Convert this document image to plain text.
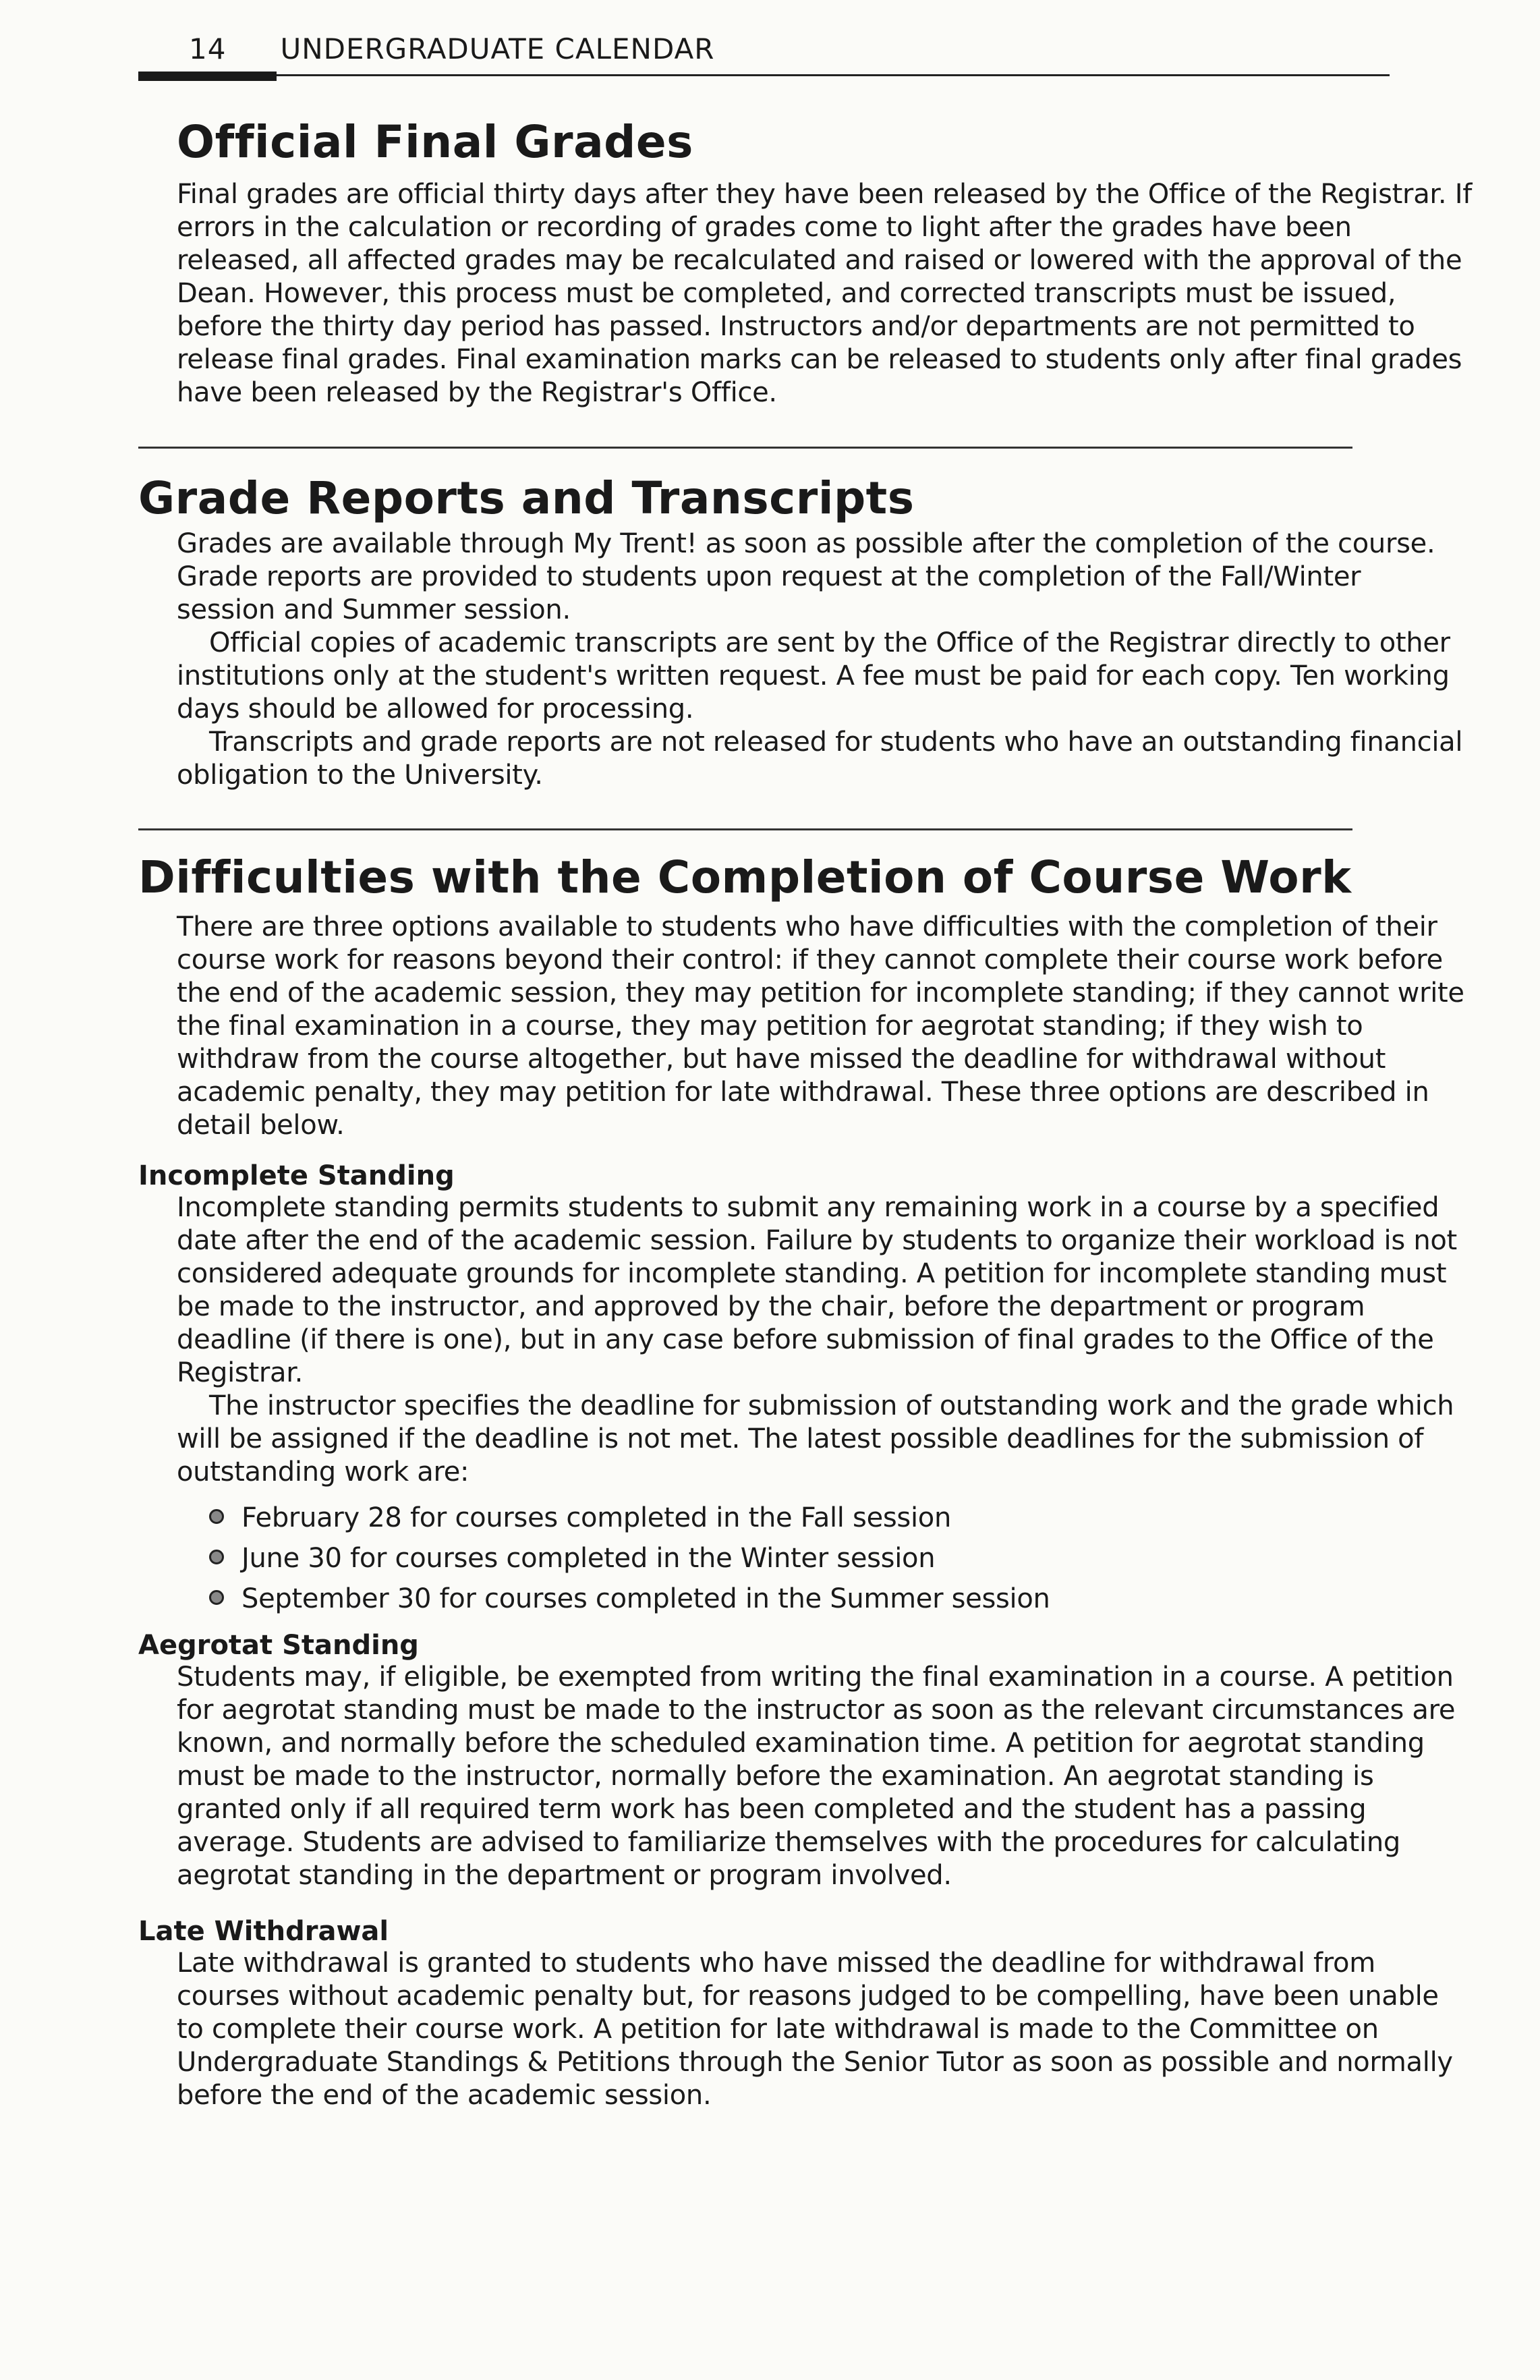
14 UNDERGRADUATE CALENDAR
Official Final Grades
Final grades are official thirty days after they have been released by the Office of the Registrar. If
errors in the calculation or recording of grades come to light after the grades have been
released, all affected grades may be recalculated and raised or lowered with the approval of the
Dean. However, this process must be completed, and corrected transcripts must be issued,
before the thirty day period has passed. Instructors and/or departments are not permitted to
release final grades. Final examination marks can be released to students only after final grades
have been released by the Registrar's Office.
Grade Reports and Transcripts
Grades are available through My Trent! as soon as possible after the completion of the course.
Grade reports are provided to students upon request at the completion of the Fall/Winter
session and Summer session.
Official copies of academic transcripts are sent by the Office of the Registrar directly to other
institutions only at the student's written request. A fee must be paid for each copy. Ten working
days should be allowed for processing.
Transcripts and grade reports are not released for students who have an outstanding financial
obligation to the University.
Difficulties with the Completion of Course Work
There are three options available to students who have difficulties with the completion of their
course work for reasons beyond their control: if they cannot complete their course work before
the end of the academic session, they may petition for incomplete standing; if they cannot write
the final examination in a course, they may petition for aegrotat standing; if they wish to
withdraw from the course altogether, but have missed the deadline for withdrawal without
academic penalty, they may petition for late withdrawal. These three options are described in
detail below.
Incomplete Standing
Incomplete standing permits students to submit any remaining work in a course by a specified
date after the end of the academic session. Failure by students to organize their workload is not
considered adequate grounds for incomplete standing. A petition for incomplete standing must
be made to the instructor, and approved by the chair, before the department or program
deadline (if there is one), but in any case before submission of final grades to the Office of the
Registrar.
The instructor specifies the deadline for submission of outstanding work and the grade which
will be assigned if the deadline is not met. The latest possible deadlines for the submission of
outstanding work are:
February 28 for courses completed in the Fall session
June 30 for courses completed in the Winter session
September 30 for courses completed in the Summer session
Aegrotat Standing
Students may, if eligible, be exempted from writing the final examination in a course. A petition
for aegrotat standing must be made to the instructor as soon as the relevant circumstances are
known, and normally before the scheduled examination time. A petition for aegrotat standing
must be made to the instructor, normally before the examination. An aegrotat standing is
granted only if all required term work has been completed and the student has a passing
average. Students are advised to familiarize themselves with the procedures for calculating
aegrotat standing in the department or program involved.
Late Withdrawal
Late withdrawal is granted to students who have missed the deadline for withdrawal from
courses without academic penalty but, for reasons judged to be compelling, have been unable
to complete their course work. A petition for late withdrawal is made to the Committee on
Undergraduate Standings & Petitions through the Senior Tutor as soon as possible and normally
before the end of the academic session.
